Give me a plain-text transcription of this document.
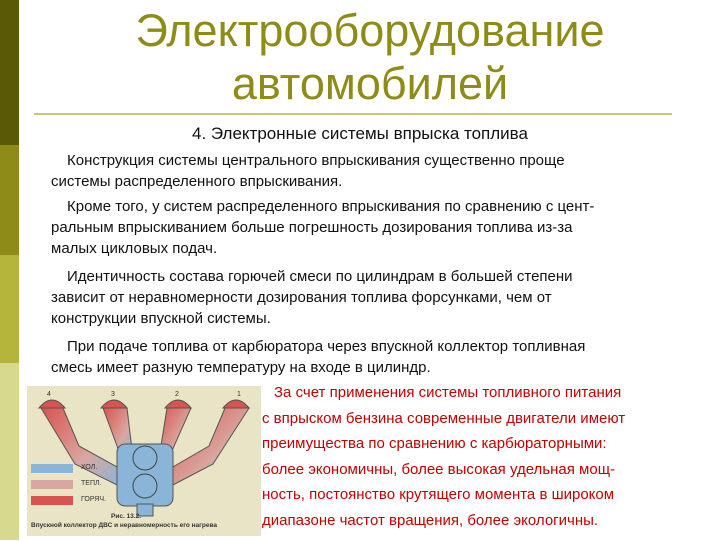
Электрооборудование
автомобилей
4. Электронные системы впрыска топлива
Конструкция системы центрального впрыскивания существенно проще
системы распределенного впрыскивания.
Кроме того, у систем распределенного впрыскивания по сравнению с цент-
ральным впрыскиванием больше погрешность дозирования топлива из-за
малых цикловых подач.
Идентичность состава горючей смеси по цилиндрам в большей степени
зависит от неравномерности дозирования топлива форсунками, чем от
конструкции впускной системы.
При подаче топлива от карбюратора через впускной коллектор топливная
смесь имеет разную температуру на входе в цилиндр.
4	3	2	1
ХОЛ.
ТЕПЛ.
ГОРЯЧ.
Рис. 13.2.
Впускной коллектор ДВС и неравномерность его нагрева
За счет применения системы топливного питания
с впрыском бензина современные двигатели имеют
преимущества по сравнению с карбюраторными:
более экономичны, более высокая удельная мощ-
ность, постоянство крутящего момента в широком
диапазоне частот вращения, более экологичны.
